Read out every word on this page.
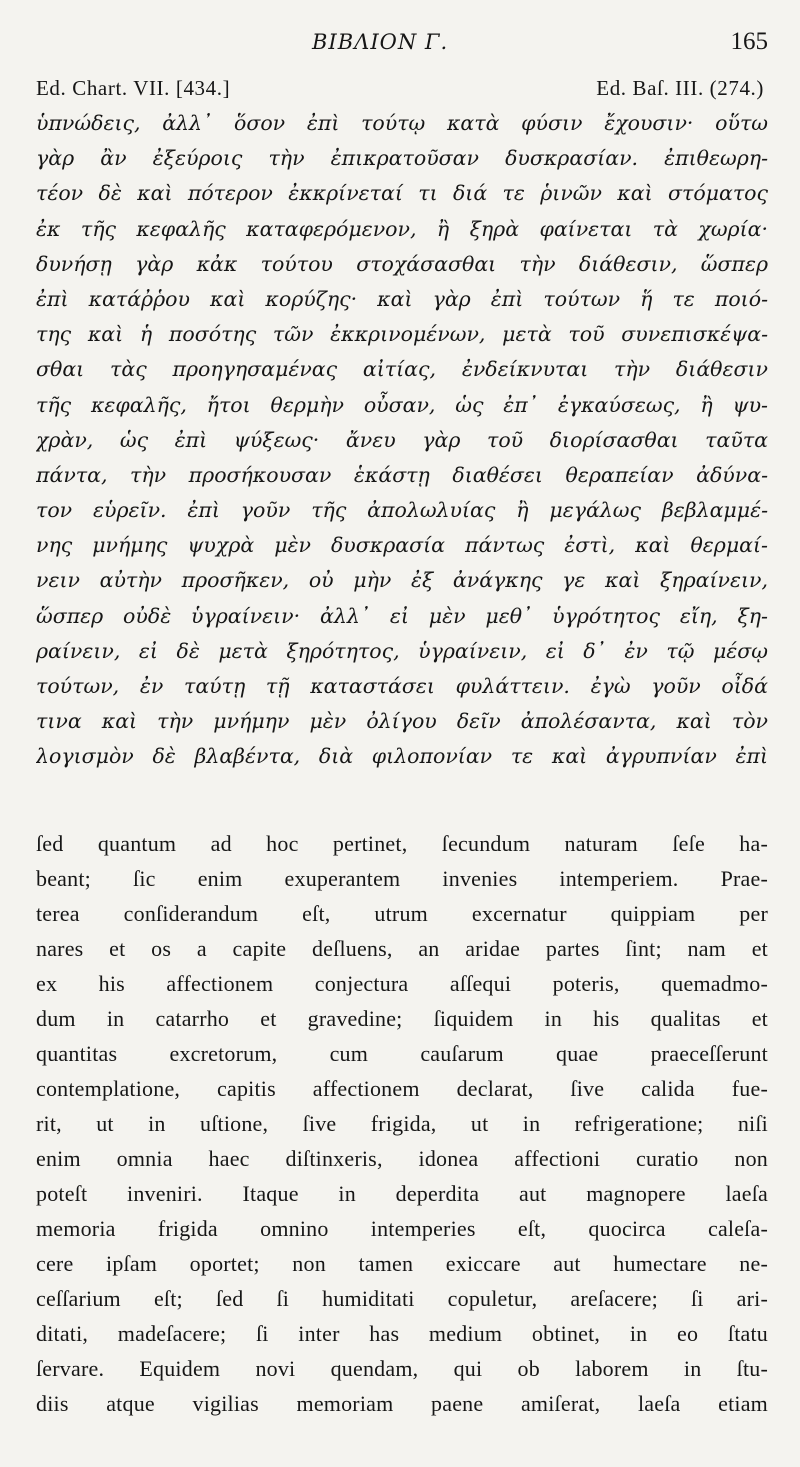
ΒΙΒΛΙΟΝ Γ.	165
Ed. Chart. VII. [434.]	Ed. Baſ. III. (274.)
ὑπνώδεις, ἀλλ᾽ ὅσον ἐπὶ τούτῳ κατὰ φύσιν ἔχουσιν· οὕτω
γὰρ ἂν ἐξεύροις τὴν ἐπικρατοῦσαν δυσκρασίαν. ἐπιθεωρη-
τέον δὲ καὶ πότερον ἐκκρίνεταί τι διά τε ῥινῶν καὶ στόματος
ἐκ τῆς κεφαλῆς καταφερόμενον, ἢ ξηρὰ φαίνεται τὰ χωρία·
δυνήσῃ γὰρ κἀκ τούτου στοχάσασθαι τὴν διάθεσιν, ὥσπερ
ἐπὶ κατάῤῥου καὶ κορύζης· καὶ γὰρ ἐπὶ τούτων ἥ τε ποιό-
της καὶ ἡ ποσότης τῶν ἐκκρινομένων, μετὰ τοῦ συνεπισκέψα-
σθαι τὰς προηγησαμένας αἰτίας, ἐνδείκνυται τὴν διάθεσιν
τῆς κεφαλῆς, ἤτοι θερμὴν οὖσαν, ὡς ἐπ᾽ ἐγκαύσεως, ἢ ψυ-
χρὰν, ὡς ἐπὶ ψύξεως· ἄνευ γὰρ τοῦ διορίσασθαι ταῦτα
πάντα, τὴν προσήκουσαν ἑκάστῃ διαθέσει θεραπείαν ἀδύνα-
τον εὑρεῖν. ἐπὶ γοῦν τῆς ἀπολωλυίας ἢ μεγάλως βεβλαμμέ-
νης μνήμης ψυχρὰ μὲν δυσκρασία πάντως ἐστὶ, καὶ θερμαί-
νειν αὐτὴν προσῆκεν, οὐ μὴν ἐξ ἀνάγκης γε καὶ ξηραίνειν,
ὥσπερ οὐδὲ ὑγραίνειν· ἀλλ᾽ εἰ μὲν μεθ᾽ ὑγρότητος εἴη, ξη-
ραίνειν, εἰ δὲ μετὰ ξηρότητος, ὑγραίνειν, εἰ δ᾽ ἐν τῷ μέσῳ
τούτων, ἐν ταύτῃ τῇ καταστάσει φυλάττειν. ἐγὼ γοῦν οἶδά
τινα καὶ τὴν μνήμην μὲν ὀλίγου δεῖν ἀπολέσαντα, καὶ τὸν
λογισμὸν δὲ βλαβέντα, διὰ φιλοπονίαν τε καὶ ἀγρυπνίαν ἐπὶ
ſed quantum ad hoc pertinet, ſecundum naturam ſeſe ha-
beant; ſic enim exuperantem invenies intemperiem. Prae-
terea conſiderandum eſt, utrum excernatur quippiam per
nares et os a capite deſluens, an aridae partes ſint; nam et
ex his affectionem conjectura aſſequi poteris, quemadmo-
dum in catarrho et gravedine; ſiquidem in his qualitas et
quantitas excretorum, cum cauſarum quae praeceſſerunt
contemplatione, capitis affectionem declarat, ſive calida fue-
rit, ut in uſtione, ſive frigida, ut in refrigeratione; niſi
enim omnia haec diſtinxeris, idonea affectioni curatio non
poteſt inveniri. Itaque in deperdita aut magnopere laeſa
memoria frigida omnino intemperies eſt, quocirca caleſa-
cere ipſam oportet; non tamen exiccare aut humectare ne-
ceſſarium eſt; ſed ſi humiditati copuletur, areſacere; ſi ari-
ditati, madeſacere; ſi inter has medium obtinet, in eo ſtatu
ſervare. Equidem novi quendam, qui ob laborem in ſtu-
diis atque vigilias memoriam paene amiſerat, laeſa etiam
